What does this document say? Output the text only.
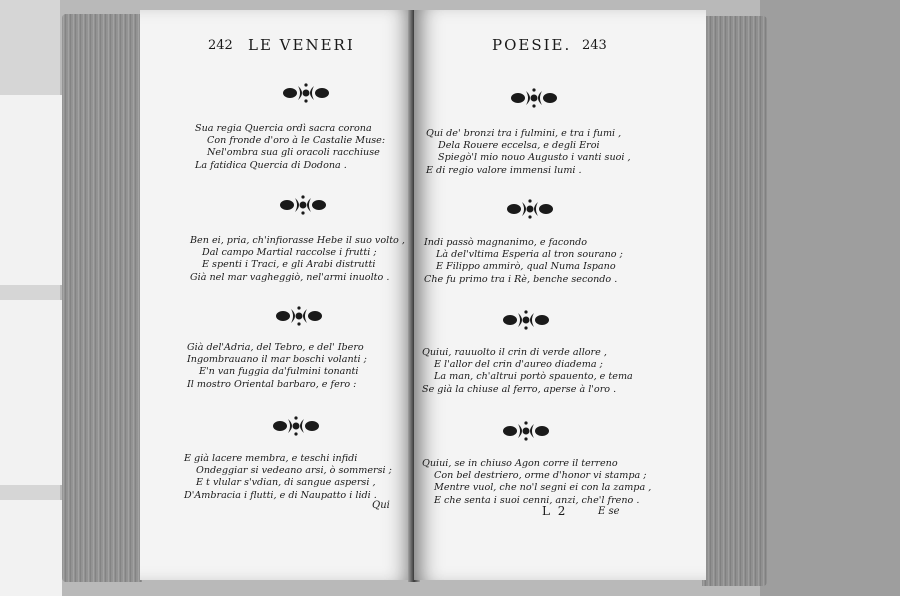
242 LE VENERI
Sua regia Quercia ordì sacra corona
Con fronde d'oro à le Castalie Muse:
Nel'ombra sua gli oracoli racchiuse
La fatidica Quercia di Dodona .
Ben ei, pria, ch'infiorasse Hebe il suo volto ,
Dal campo Martial raccolse i frutti ;
E spenti i Traci, e gli Arabi distrutti
Già nel mar vagheggiò, nel'armi inuolto .
Già del'Adria, del Tebro, e del' Ibero
Ingombrauano il mar boschi volanti ;
E'n van fuggia da'fulmini tonanti
Il mostro Oriental barbaro, e fero :
E già lacere membra, e teschi infidi
Ondeggiar si vedeano arsi, ò sommersi ;
E t vlular s'vdian, di sangue aspersi ,
D'Ambracia i flutti, e di Naupatto i lidi .
Qui
POESIE. 243
Qui de' bronzi tra i fulmini, e tra i fumi ,
Dela Rouere eccelsa, e degli Eroi
Spiegò'l mio nouo Augusto i vanti suoi ,
E di regio valore immensi lumi .
Indi passò magnanimo, e facondo
Là del'vltima Esperia al tron sourano ;
E Filippo ammirò, qual Numa Ispano
Che fu primo tra i Rè, benche secondo .
Quiui, rauuolto il crin di verde allore ,
E l'allor del crin d'aureo diadema ;
La man, ch'altrui portò spauento, e tema
Se già la chiuse al ferro, aperse à l'oro .
Quiui, se in chiuso Agon corre il terreno
Con bel destriero, orme d'honor vi stampa ;
Mentre vuol, che no'l segni ei con la zampa ,
E che senta i suoi cenni, anzi, che'l freno .
L 2	E se
